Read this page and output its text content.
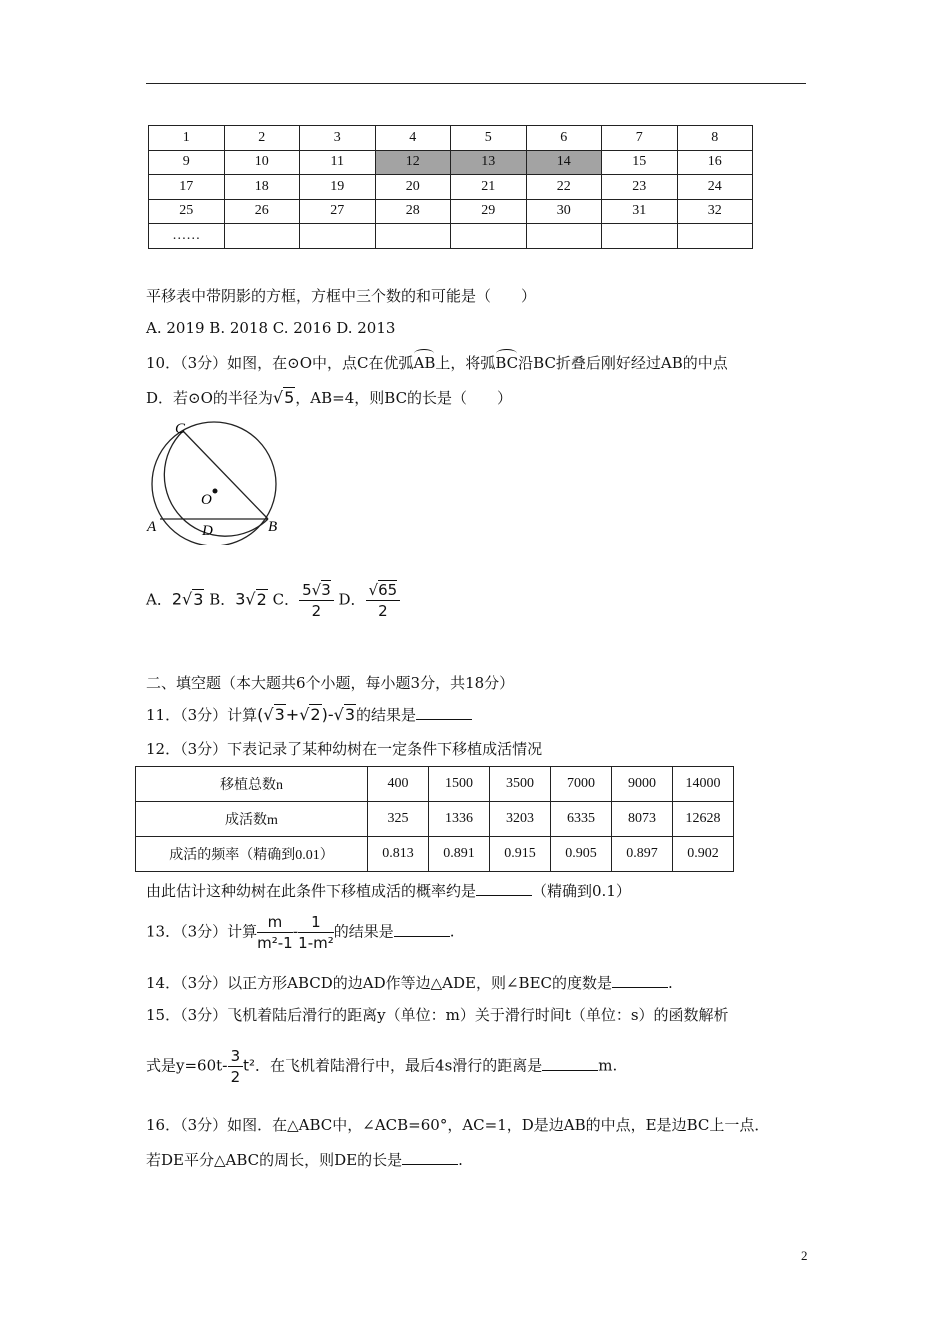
1	2	3	4	5	6	7	8
9	10	11	12	13	14	15	16
17	18	19	20	21	22	23	24
25	26	27	28	29	30	31	32
……							
平移表中带阴影的方框，方框中三个数的和可能是（　　）
A. 2019 B. 2018 C. 2016 D. 2013
10．（3分）如图，在⊙O中，点C在优弧AB上，将弧BC沿BC折叠后刚好经过AB的中点
D．若⊙O的半径为√5，AB=4，则BC的长是（　　）
C
O
A	D	B
A．2√3 B．3√2 C． $\frac{5√3}{2}$ D． $\frac{√65}{2}$
二、填空题（本大题共6个小题，每小题3分，共18分）
11．（3分）计算(√3+√2)-√3的结果是
12．（3分）下表记录了某种幼树在一定条件下移植成活情况
移植总数n	400	1500	3500	7000	9000	14000
成活数m	325	1336	3203	6335	8073	12628
成活的频率（精确到0.01）	0.813	0.891	0.915	0.905	0.897	0.902
由此估计这种幼树在此条件下移植成活的概率约是	（精确到0.1）
13．（3分）计算 $\frac{m}{\text{m²-1}} - \frac{1}{\text{1-m²}}$ 的结果是	.
14．（3分）以正方形ABCD的边AD作等边△ADE，则∠BEC的度数是	.
15．（3分）飞机着陆后滑行的距离y（单位：m）关于滑行时间t（单位：s）的函数解析
式是$y=60t- \frac{3}{2} t^2$．在飞机着陆滑行中，最后4s滑行的距离是	m.
16．（3分）如图．在△ABC中，∠ACB=60°，AC=1，D是边AB的中点，E是边BC上一点．
若DE平分△ABC的周长，则DE的长是	.
2
